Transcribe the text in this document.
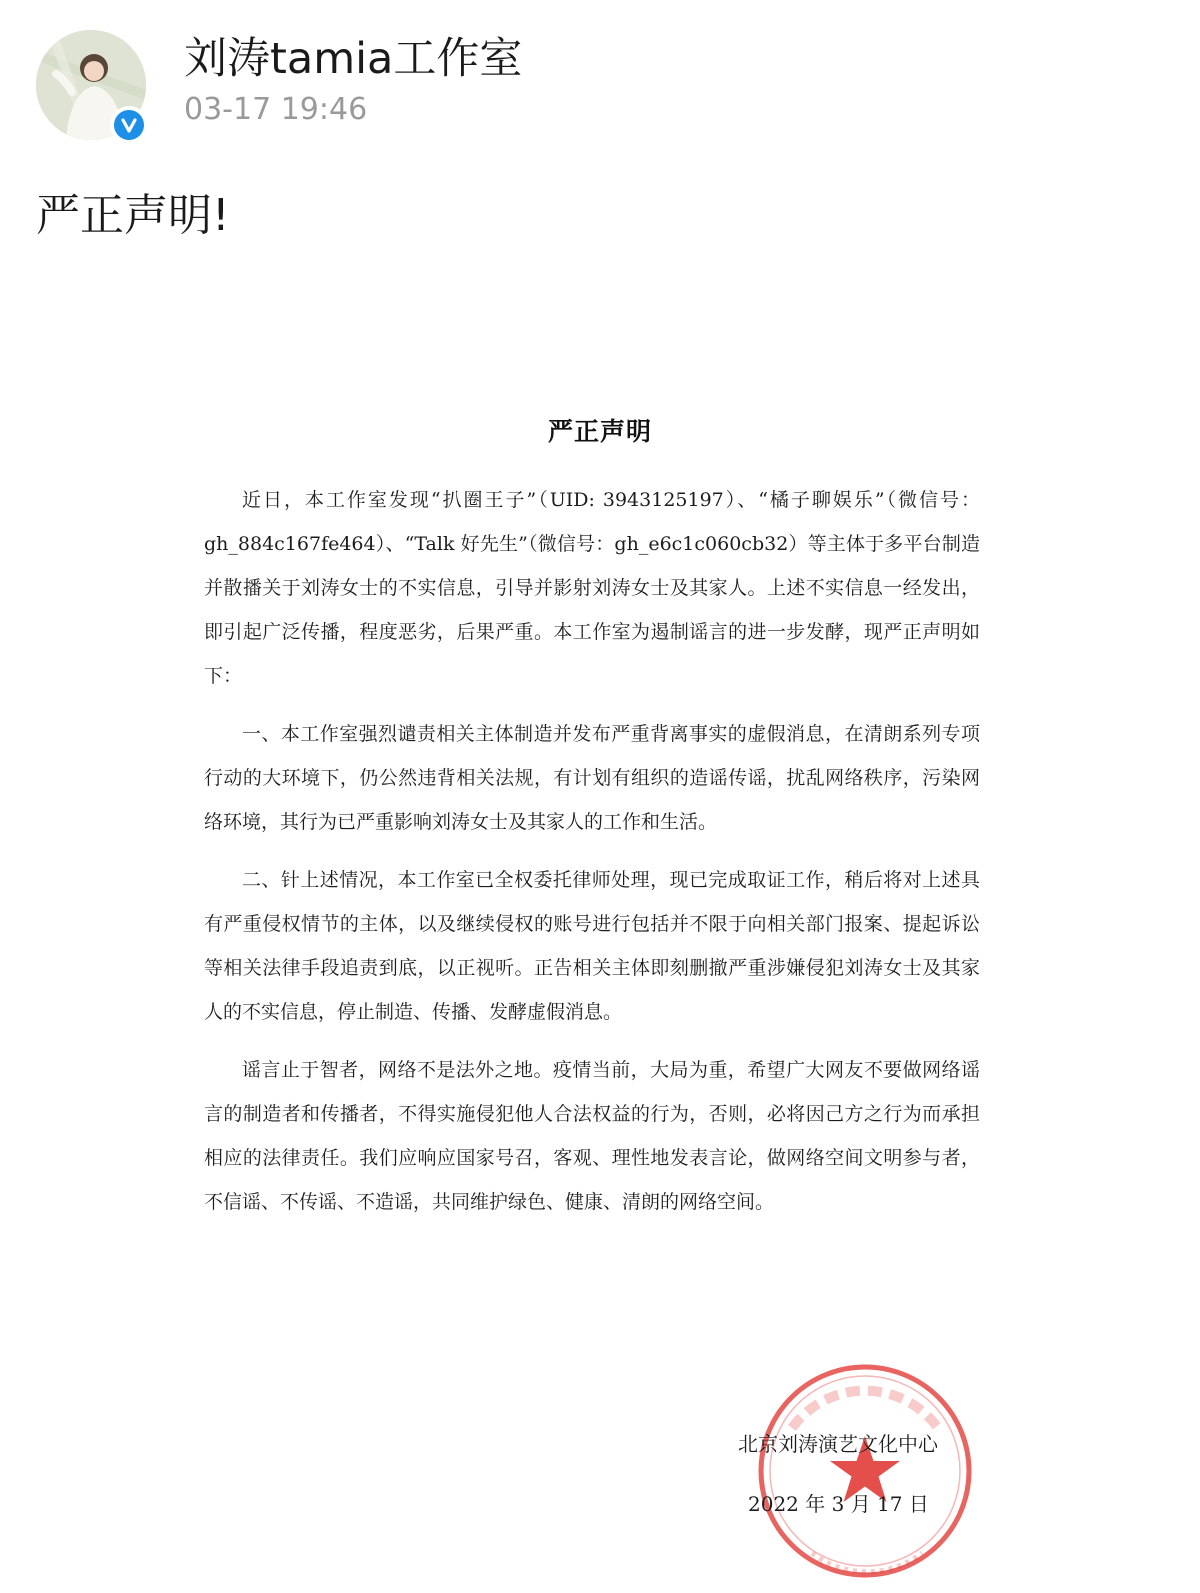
刘涛tamia工作室
03-17 19:46
严正声明!
严正声明

近日，本工作室发现“扒圈王子”（UID: 3943125197）、“橘子聊娱乐”（微信号：gh_884c167fe464）、“Talk 好先生”（微信号：gh_e6c1c060cb32）等主体于多平台制造并散播关于刘涛女士的不实信息，引导并影射刘涛女士及其家人。上述不实信息一经发出，即引起广泛传播，程度恶劣，后果严重。本工作室为遏制谣言的进一步发酵，现严正声明如下：

一、本工作室强烈谴责相关主体制造并发布严重背离事实的虚假消息，在清朗系列专项行动的大环境下，仍公然违背相关法规，有计划有组织的造谣传谣，扰乱网络秩序，污染网络环境，其行为已严重影响刘涛女士及其家人的工作和生活。

二、针上述情况，本工作室已全权委托律师处理，现已完成取证工作，稍后将对上述具有严重侵权情节的主体，以及继续侵权的账号进行包括并不限于向相关部门报案、提起诉讼等相关法律手段追责到底，以正视听。正告相关主体即刻删撤严重涉嫌侵犯刘涛女士及其家人的不实信息，停止制造、传播、发酵虚假消息。

谣言止于智者，网络不是法外之地。疫情当前，大局为重，希望广大网友不要做网络谣言的制造者和传播者，不得实施侵犯他人合法权益的行为，否则，必将因己方之行为而承担相应的法律责任。我们应响应国家号召，客观、理性地发表言论，做网络空间文明参与者，不信谣、不传谣、不造谣，共同维护绿色、健康、清朗的网络空间。

北京刘涛演艺文化中心
2022 年 3 月 17 日
